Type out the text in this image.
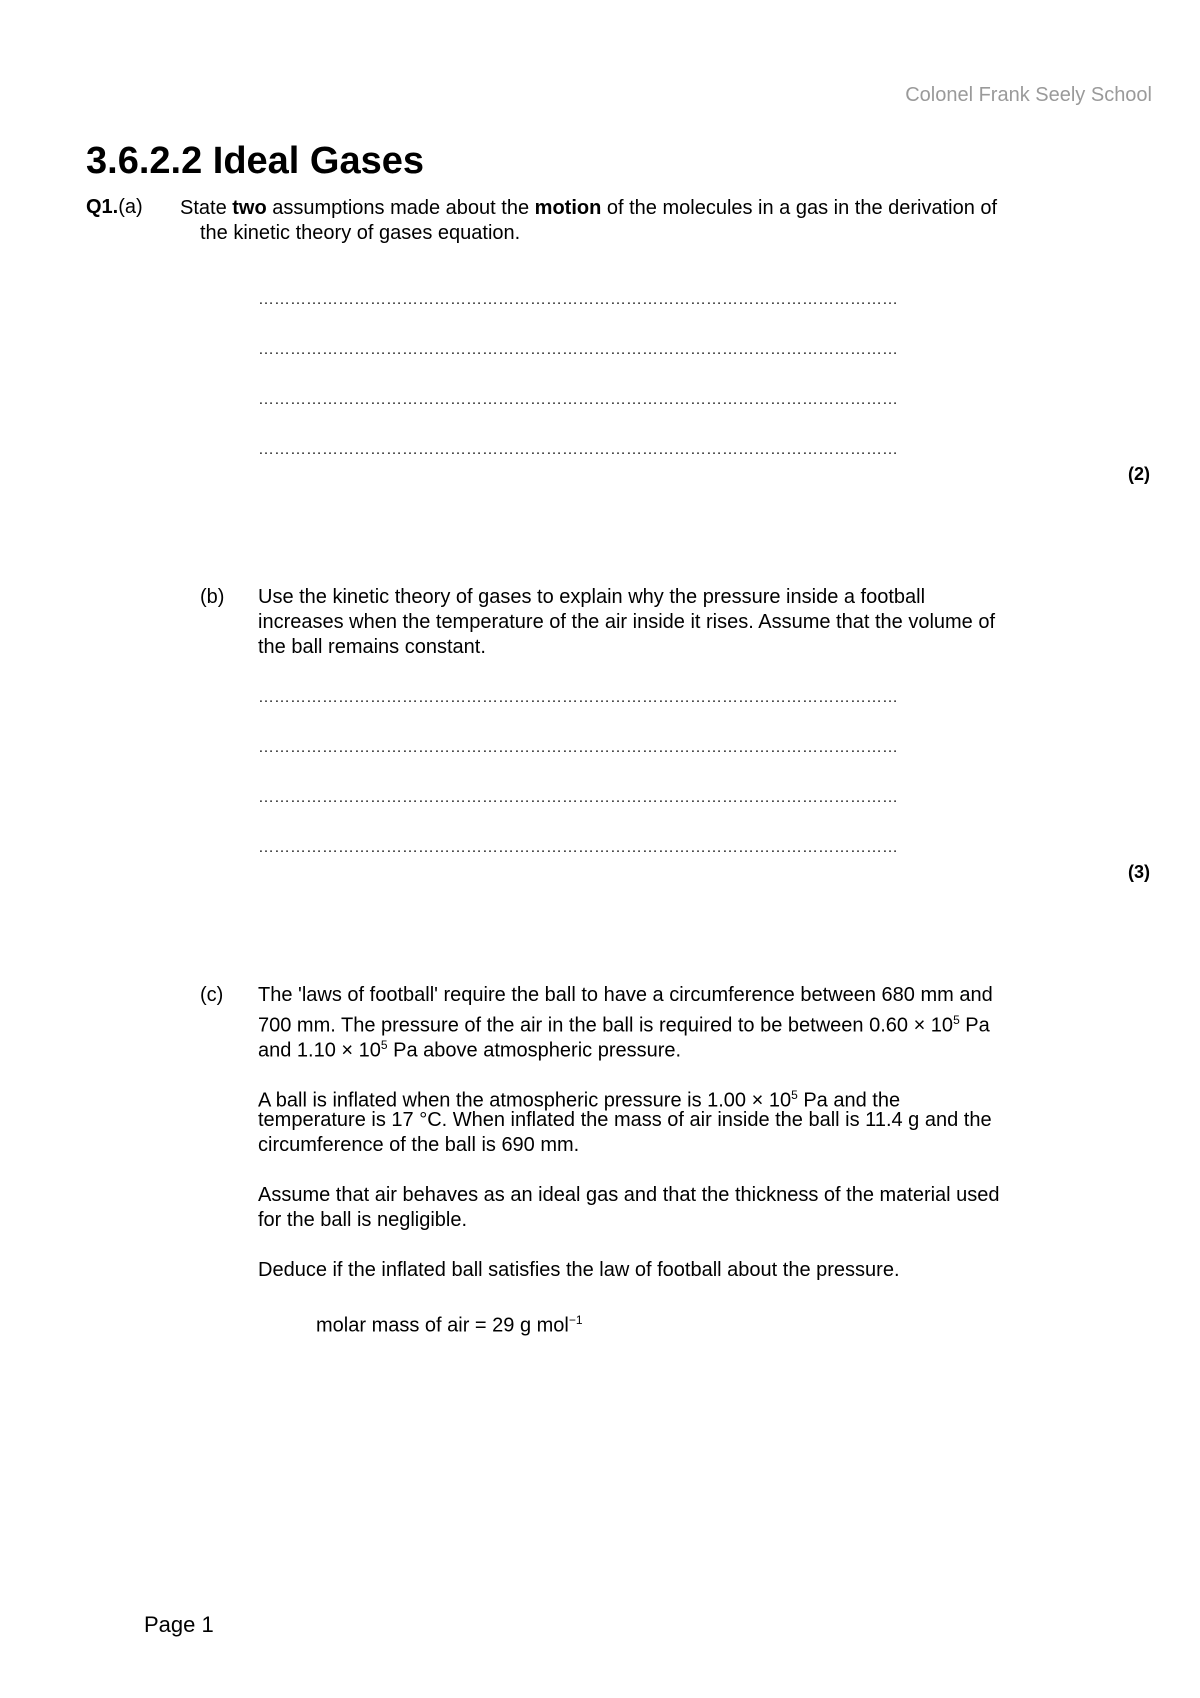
Colonel Frank Seely School
3.6.2.2 Ideal Gases
Q1.(a) State two assumptions made about the motion of the molecules in a gas in the derivation of
the kinetic theory of gases equation.
…………………………………………………………………………………………………………
…………………………………………………………………………………………………………
…………………………………………………………………………………………………………
…………………………………………………………………………………………………………
(2)
(b) Use the kinetic theory of gases to explain why the pressure inside a football
increases when the temperature of the air inside it rises. Assume that the volume of
the ball remains constant.
…………………………………………………………………………………………………………
…………………………………………………………………………………………………………
…………………………………………………………………………………………………………
…………………………………………………………………………………………………………
(3)
(c) The 'laws of football' require the ball to have a circumference between 680 mm and
700 mm. The pressure of the air in the ball is required to be between $0.60 \times 10^5$ Pa
and $1.10 \times 10^5$ Pa above atmospheric pressure.
A ball is inflated when the atmospheric pressure is $1.00 \times 10^5$ Pa and the
temperature is 17 °C. When inflated the mass of air inside the ball is 11.4 g and the
circumference of the ball is 690 mm.
Assume that air behaves as an ideal gas and that the thickness of the material used
for the ball is negligible.
Deduce if the inflated ball satisfies the law of football about the pressure.
molar mass of air = 29 g mol$^{-1}$
Page 1
